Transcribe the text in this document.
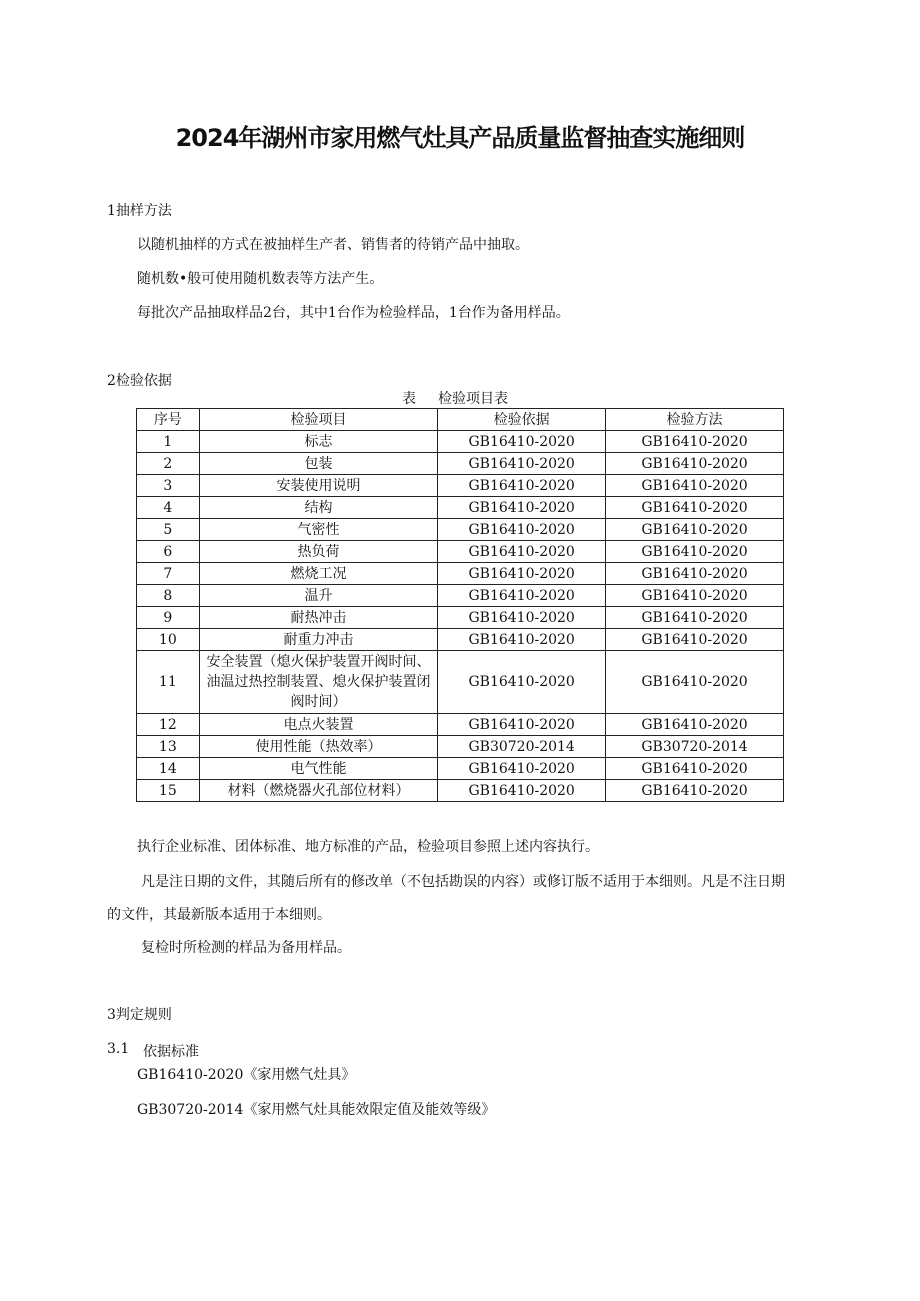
2024年湖州市家用燃气灶具产品质量监督抽查实施细则
1抽样方法
以随机抽样的方式在被抽样生产者、销售者的待销产品中抽取。
随机数•般可使用随机数表等方法产生。
每批次产品抽取样品2台，其中1台作为检验样品，1台作为备用样品。
2检验依据
表 检验项目表
序号	检验项目	检验依据	检验方法
1	标志	GB16410-2020	GB16410-2020
2	包装	GB16410-2020	GB16410-2020
3	安装使用说明	GB16410-2020	GB16410-2020
4	结构	GB16410-2020	GB16410-2020
5	气密性	GB16410-2020	GB16410-2020
6	热负荷	GB16410-2020	GB16410-2020
7	燃烧工况	GB16410-2020	GB16410-2020
8	温升	GB16410-2020	GB16410-2020
9	耐热冲击	GB16410-2020	GB16410-2020
10	耐重力冲击	GB16410-2020	GB16410-2020
11	安全装置（熄火保护装置开阀时间、油温过热控制装置、熄火保护装置闭阀时间）	GB16410-2020	GB16410-2020
12	电点火装置	GB16410-2020	GB16410-2020
13	使用性能（热效率）	GB30720-2014	GB30720-2014
14	电气性能	GB16410-2020	GB16410-2020
15	材料（燃烧器火孔部位材料）	GB16410-2020	GB16410-2020
执行企业标准、团体标准、地方标准的产品，检验项目参照上述内容执行。
凡是注日期的文件，其随后所有的修改单（不包括勘误的内容）或修订版不适用于本细则。凡是不注日期
的文件，其最新版本适用于本细则。
复检时所检测的样品为备用样品。
3判定规则
3.1 依据标准
GB16410-2020《家用燃气灶具》
GB30720-2014《家用燃气灶具能效限定值及能效等级》
